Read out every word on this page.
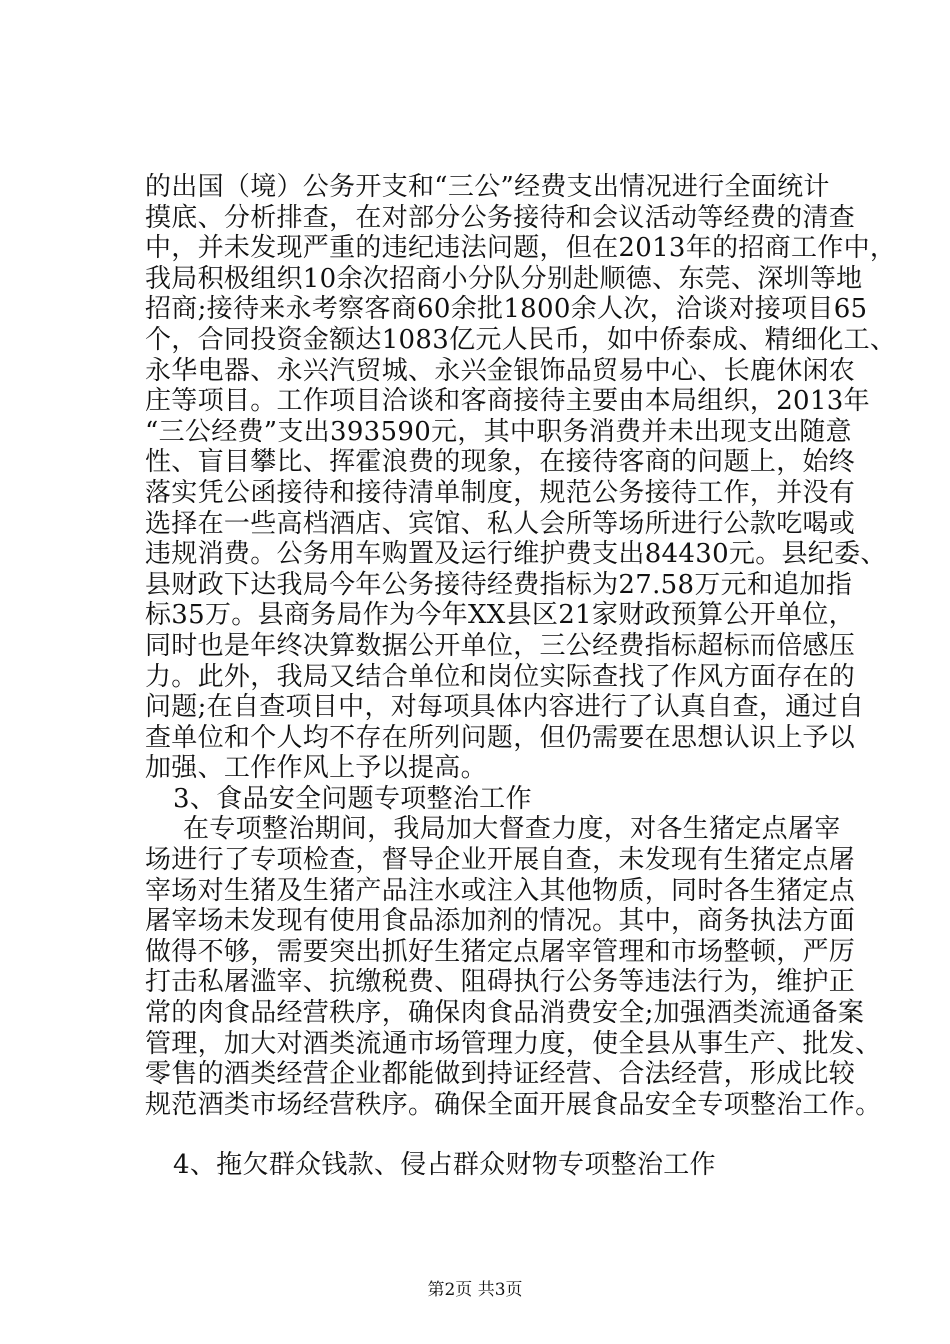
的出国（境）公务开支和“三公”经费支出情况进行全面统计
摸底、分析排查，在对部分公务接待和会议活动等经费的清查
中，并未发现严重的违纪违法问题，但在2013年的招商工作中，
我局积极组织10余次招商小分队分别赴顺德、东莞、深圳等地
招商;接待来永考察客商60余批1800余人次，洽谈对接项目65
个，合同投资金额达1083亿元人民币，如中侨泰成、精细化工、
永华电器、永兴汽贸城、永兴金银饰品贸易中心、长鹿休闲农
庄等项目。工作项目洽谈和客商接待主要由本局组织，2013年
“三公经费”支出393590元，其中职务消费并未出现支出随意
性、盲目攀比、挥霍浪费的现象，在接待客商的问题上，始终
落实凭公函接待和接待清单制度，规范公务接待工作，并没有
选择在一些高档酒店、宾馆、私人会所等场所进行公款吃喝或
违规消费。公务用车购置及运行维护费支出84430元。县纪委、
县财政下达我局今年公务接待经费指标为27.58万元和追加指
标35万。县商务局作为今年XX县区21家财政预算公开单位，
同时也是年终决算数据公开单位，三公经费指标超标而倍感压
力。此外，我局又结合单位和岗位实际查找了作风方面存在的
问题;在自查项目中，对每项具体内容进行了认真自查，通过自
查单位和个人均不存在所列问题，但仍需要在思想认识上予以
加强、工作作风上予以提高。
3、食品安全问题专项整治工作
在专项整治期间，我局加大督查力度，对各生猪定点屠宰
场进行了专项检查，督导企业开展自查，未发现有生猪定点屠
宰场对生猪及生猪产品注水或注入其他物质，同时各生猪定点
屠宰场未发现有使用食品添加剂的情况。其中，商务执法方面
做得不够，需要突出抓好生猪定点屠宰管理和市场整顿，严厉
打击私屠滥宰、抗缴税费、阻碍执行公务等违法行为，维护正
常的肉食品经营秩序，确保肉食品消费安全;加强酒类流通备案
管理，加大对酒类流通市场管理力度，使全县从事生产、批发、
零售的酒类经营企业都能做到持证经营、合法经营，形成比较
规范酒类市场经营秩序。确保全面开展食品安全专项整治工作。
4、拖欠群众钱款、侵占群众财物专项整治工作
第2页 共3页
